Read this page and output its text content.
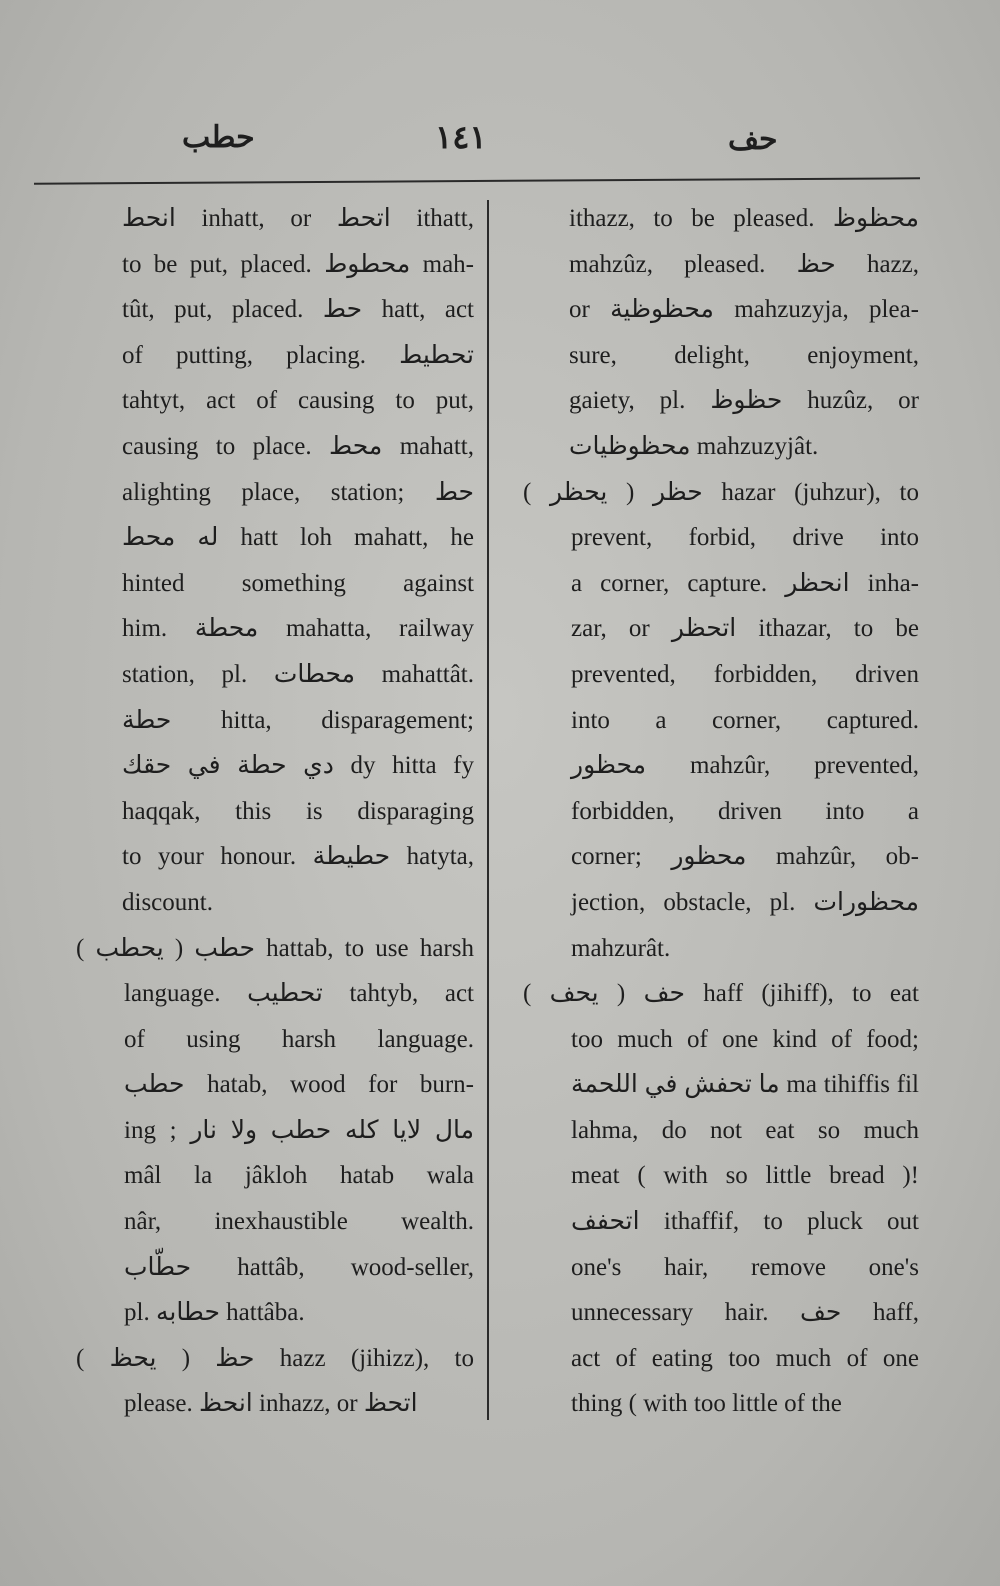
حطب	١٤١	حف
انحط inhatt, or اتحط ithatt,
to be put, placed. محطوط mah-
tût, put, placed. حط hatt, act
of putting, placing. تحطيط
tahtyt, act of causing to put,
causing to place. محط mahatt,
alighting place, station; حط
له محط hatt loh mahatt, he
hinted something against
him. محطة mahatta, railway
station, pl. محطات mahattât.
حطة hitta, disparagement;
دي حطة في حقك dy hitta fy
haqqak, this is disparaging
to your honour. حطيطة hatyta,
discount.
حطب ( يحطب ) hattab, to use harsh
language. تحطيب tahtyb, act
of using harsh language.
حطب hatab, wood for burn-
ing ; مال لايا كله حطب ولا نار
mâl la jâkloh hatab wala
nâr, inexhaustible wealth.
حطّاب hattâb, wood-seller,
pl. حطابه hattâba.
حظ ( يحظ ) hazz (jihizz), to
please. انحظ inhazz, or اتحظ
ithazz, to be pleased. محظوظ
mahzûz, pleased. حظ hazz,
or محظوظية mahzuzyja, plea-
sure, delight, enjoyment,
gaiety, pl. حظوظ huzûz, or
محظوظيات mahzuzyjât.
حظر ( يحظر ) hazar (juhzur), to
prevent, forbid, drive into
a corner, capture. انحظر inha-
zar, or اتحظر ithazar, to be
prevented, forbidden, driven
into a corner, captured.
محظور mahzûr, prevented,
forbidden, driven into a
corner; محظور mahzûr, ob-
jection, obstacle, pl. محظورات
mahzurât.
حف ( يحف ) haff (jihiff), to eat
too much of one kind of food;
ما تحفش في اللحمة ma tihiffis fil
lahma, do not eat so much
meat ( with so little bread )!
اتحفف ithaffif, to pluck out
one's hair, remove one's
unnecessary hair. حف haff,
act of eating too much of one
thing ( with too little of the
